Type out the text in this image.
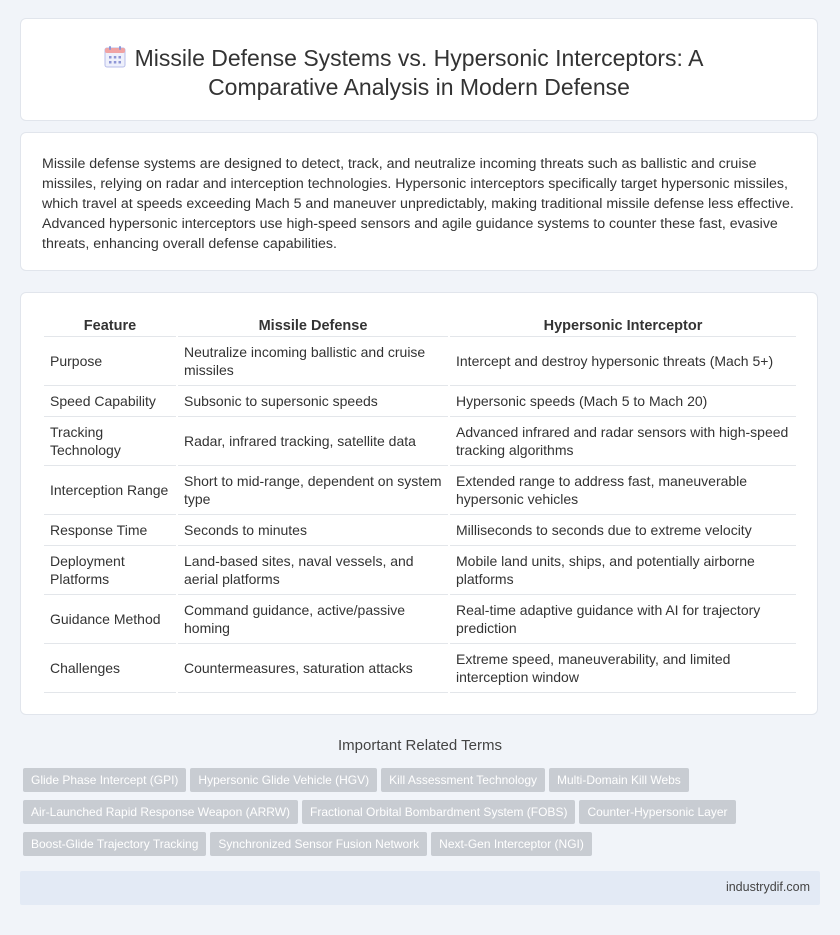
Missile Defense Systems vs. Hypersonic Interceptors: A Comparative Analysis in Modern Defense

Missile defense systems are designed to detect, track, and neutralize incoming threats such as ballistic and cruise missiles, relying on radar and interception technologies. Hypersonic interceptors specifically target hypersonic missiles, which travel at speeds exceeding Mach 5 and maneuver unpredictably, making traditional missile defense less effective. Advanced hypersonic interceptors use high-speed sensors and agile guidance systems to counter these fast, evasive threats, enhancing overall defense capabilities.

Feature	Missile Defense	Hypersonic Interceptor
Purpose	Neutralize incoming ballistic and cruise missiles	Intercept and destroy hypersonic threats (Mach 5+)
Speed Capability	Subsonic to supersonic speeds	Hypersonic speeds (Mach 5 to Mach 20)
Tracking Technology	Radar, infrared tracking, satellite data	Advanced infrared and radar sensors with high-speed tracking algorithms
Interception Range	Short to mid-range, dependent on system type	Extended range to address fast, maneuverable hypersonic vehicles
Response Time	Seconds to minutes	Milliseconds to seconds due to extreme velocity
Deployment Platforms	Land-based sites, naval vessels, and aerial platforms	Mobile land units, ships, and potentially airborne platforms
Guidance Method	Command guidance, active/passive homing	Real-time adaptive guidance with AI for trajectory prediction
Challenges	Countermeasures, saturation attacks	Extreme speed, maneuverability, and limited interception window
Important Related Terms
Glide Phase Intercept (GPI) Hypersonic Glide Vehicle (HGV) Kill Assessment Technology Multi-Domain Kill Webs
Air-Launched Rapid Response Weapon (ARRW) Fractional Orbital Bombardment System (FOBS) Counter-Hypersonic Layer
Boost-Glide Trajectory Tracking Synchronized Sensor Fusion Network Next-Gen Interceptor (NGI)
industrydif.com
